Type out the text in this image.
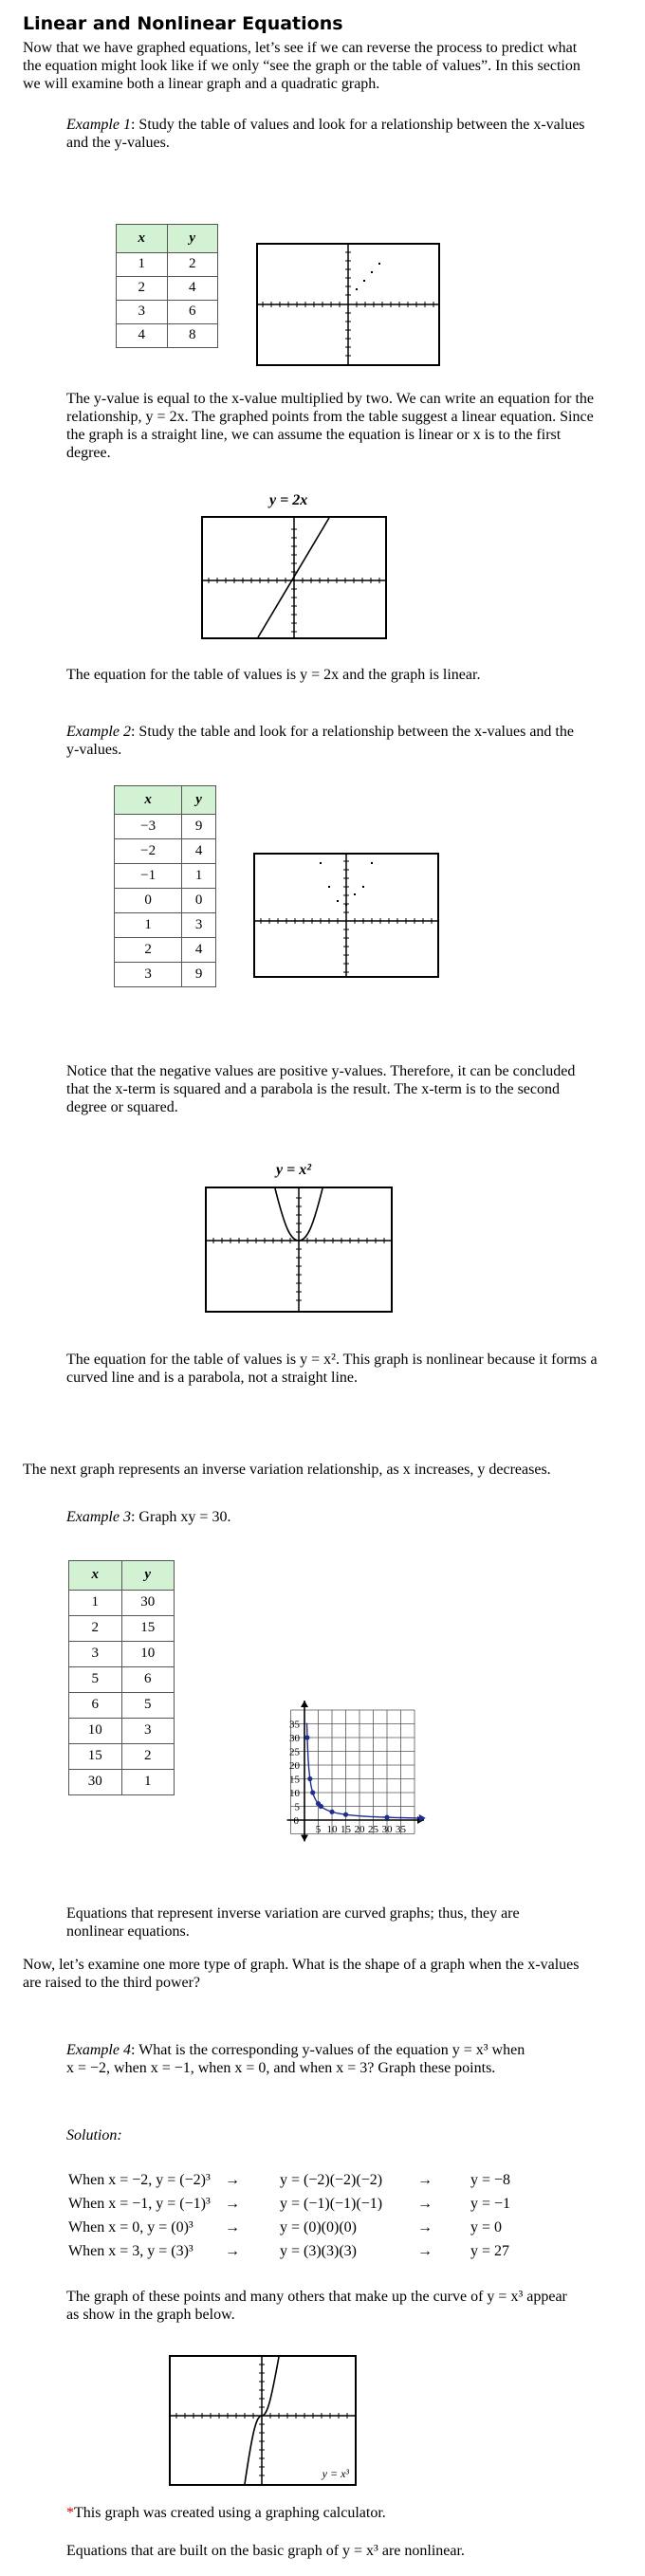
Linear and Nonlinear Equations

Now that we have graphed equations, let’s see if we can reverse the process to predict what the equation might look like if we only “see the graph or the table of values”. In this section we will examine both a linear graph and a quadratic graph.

Example 1: Study the table of values and look for a relationship between the x-values and the y-values.

x	y
1	2
2	4
3	6
4	8

The y-value is equal to the x-value multiplied by two. We can write an equation for the relationship, y = 2x. The graphed points from the table suggest a linear equation. Since the graph is a straight line, we can assume the equation is linear or x is to the first degree.

y = 2x

The equation for the table of values is y = 2x and the graph is linear.

Example 2: Study the table and look for a relationship between the x-values and the y-values.

x	y
−3	9
−2	4
−1	1
0	0
1	3
2	4
3	9

Notice that the negative values are positive y-values. Therefore, it can be concluded that the x-term is squared and a parabola is the result. The x-term is to the second degree or squared.

y = x²

The equation for the table of values is y = x². This graph is nonlinear because it forms a curved line and is a parabola, not a straight line.

The next graph represents an inverse variation relationship, as x increases, y decreases.

Example 3: Graph xy = 30.

x	y
1	30
2	15
3	10
5	6
6	5
10	3
15	2
30	1
5 10 15 20 25 30 35
35
30
25
20
15
10
5
0

Equations that represent inverse variation are curved graphs; thus, they are nonlinear equations.

Now, let’s examine one more type of graph. What is the shape of a graph when the x-values are raised to the third power?

Example 4: What is the corresponding y-values of the equation y = x³ when x = −2, when x = −1, when x = 0, and when x = 3? Graph these points.

Solution:

When x = −2, y = (−2)³	→	y = (−2)(−2)(−2)	→	y = −8
When x = −1, y = (−1)³	→	y = (−1)(−1)(−1)	→	y = −1
When x = 0, y = (0)³	→	y = (0)(0)(0)	→	y = 0
When x = 3, y = (3)³	→	y = (3)(3)(3)	→	y = 27

The graph of these points and many others that make up the curve of y = x³ appear as show in the graph below.

y = x³

*This graph was created using a graphing calculator.

Equations that are built on the basic graph of y = x³ are nonlinear.
